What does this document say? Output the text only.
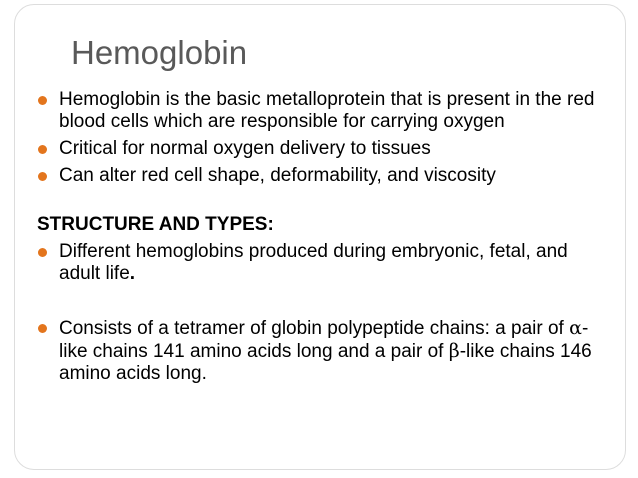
Hemoglobin
Hemoglobin is the basic metalloprotein that is present in the red blood cells which are responsible for carrying oxygen
Critical for normal oxygen delivery to tissues
Can alter red cell shape, deformability, and viscosity
STRUCTURE AND TYPES:
Different hemoglobins produced during embryonic, fetal, and adult life.
Consists of a tetramer of globin polypeptide chains: a pair of α-like chains 141 amino acids long and a pair of β-like chains 146 amino acids long.
